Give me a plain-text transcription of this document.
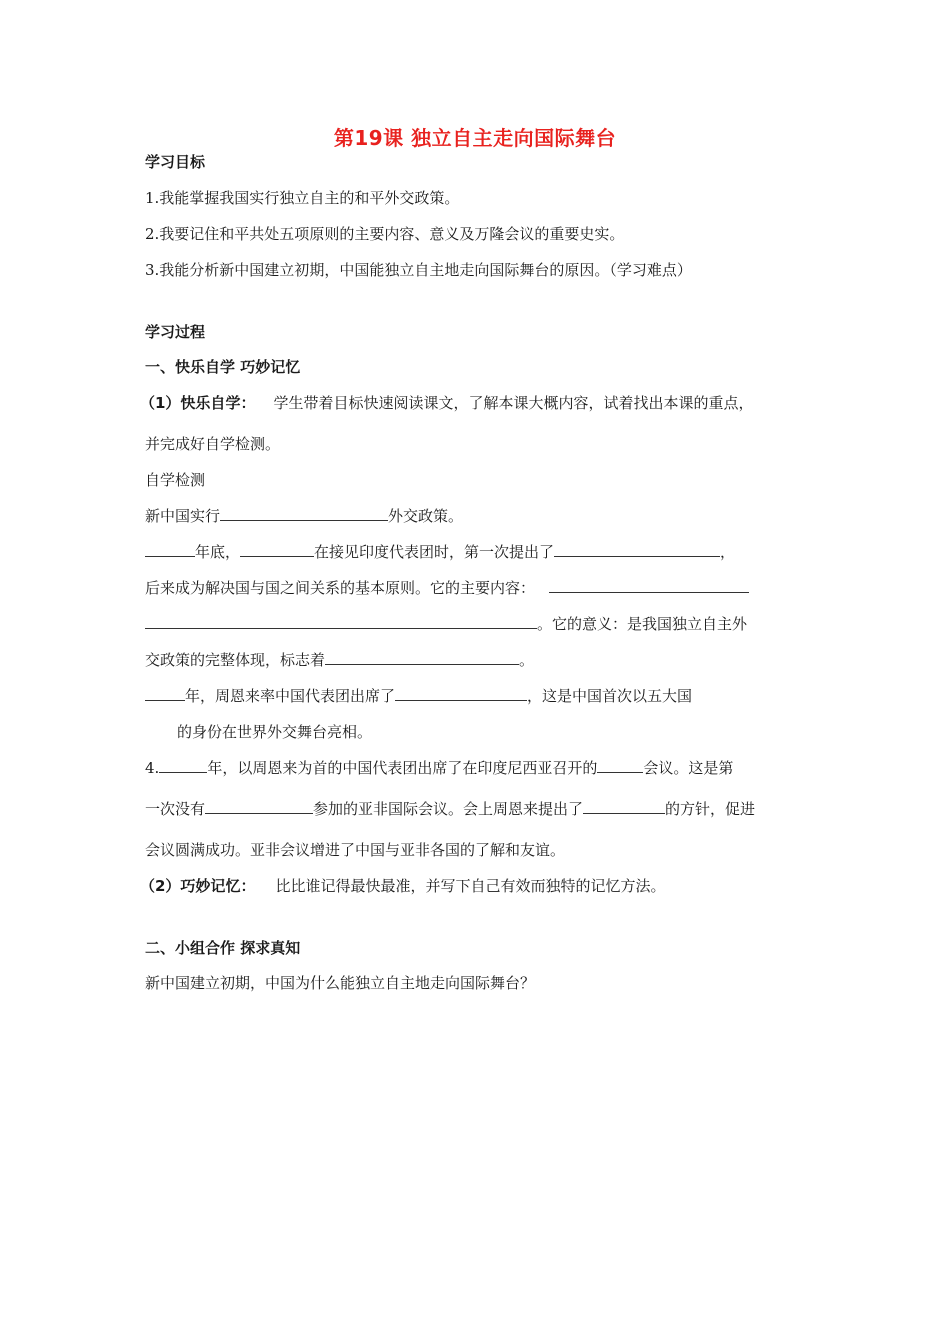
第19课 独立自主走向国际舞台
学习目标
1.我能掌握我国实行独立自主的和平外交政策。
2.我要记住和平共处五项原则的主要内容、意义及万隆会议的重要史实。
3.我能分析新中国建立初期，中国能独立自主地走向国际舞台的原因。（学习难点）
学习过程
一、快乐自学 巧妙记忆
（1）快乐自学： 学生带着目标快速阅读课文，了解本课大概内容，试着找出本课的重点，
并完成好自学检测。
自学检测
新中国实行	外交政策。
年底，	在接见印度代表团时，第一次提出了	，
后来成为解决国与国之间关系的基本原则。它的主要内容：
。它的意义：是我国独立自主外
交政策的完整体现，标志着	。
年，周恩来率中国代表团出席了	，这是中国首次以五大国
的身份在世界外交舞台亮相。
4.	年，以周恩来为首的中国代表团出席了在印度尼西亚召开的	会议。这是第
一次没有	参加的亚非国际会议。会上周恩来提出了	的方针，促进
会议圆满成功。亚非会议增进了中国与亚非各国的了解和友谊。
（2）巧妙记忆： 比比谁记得最快最准，并写下自己有效而独特的记忆方法。
二、小组合作 探求真知
新中国建立初期，中国为什么能独立自主地走向国际舞台？
